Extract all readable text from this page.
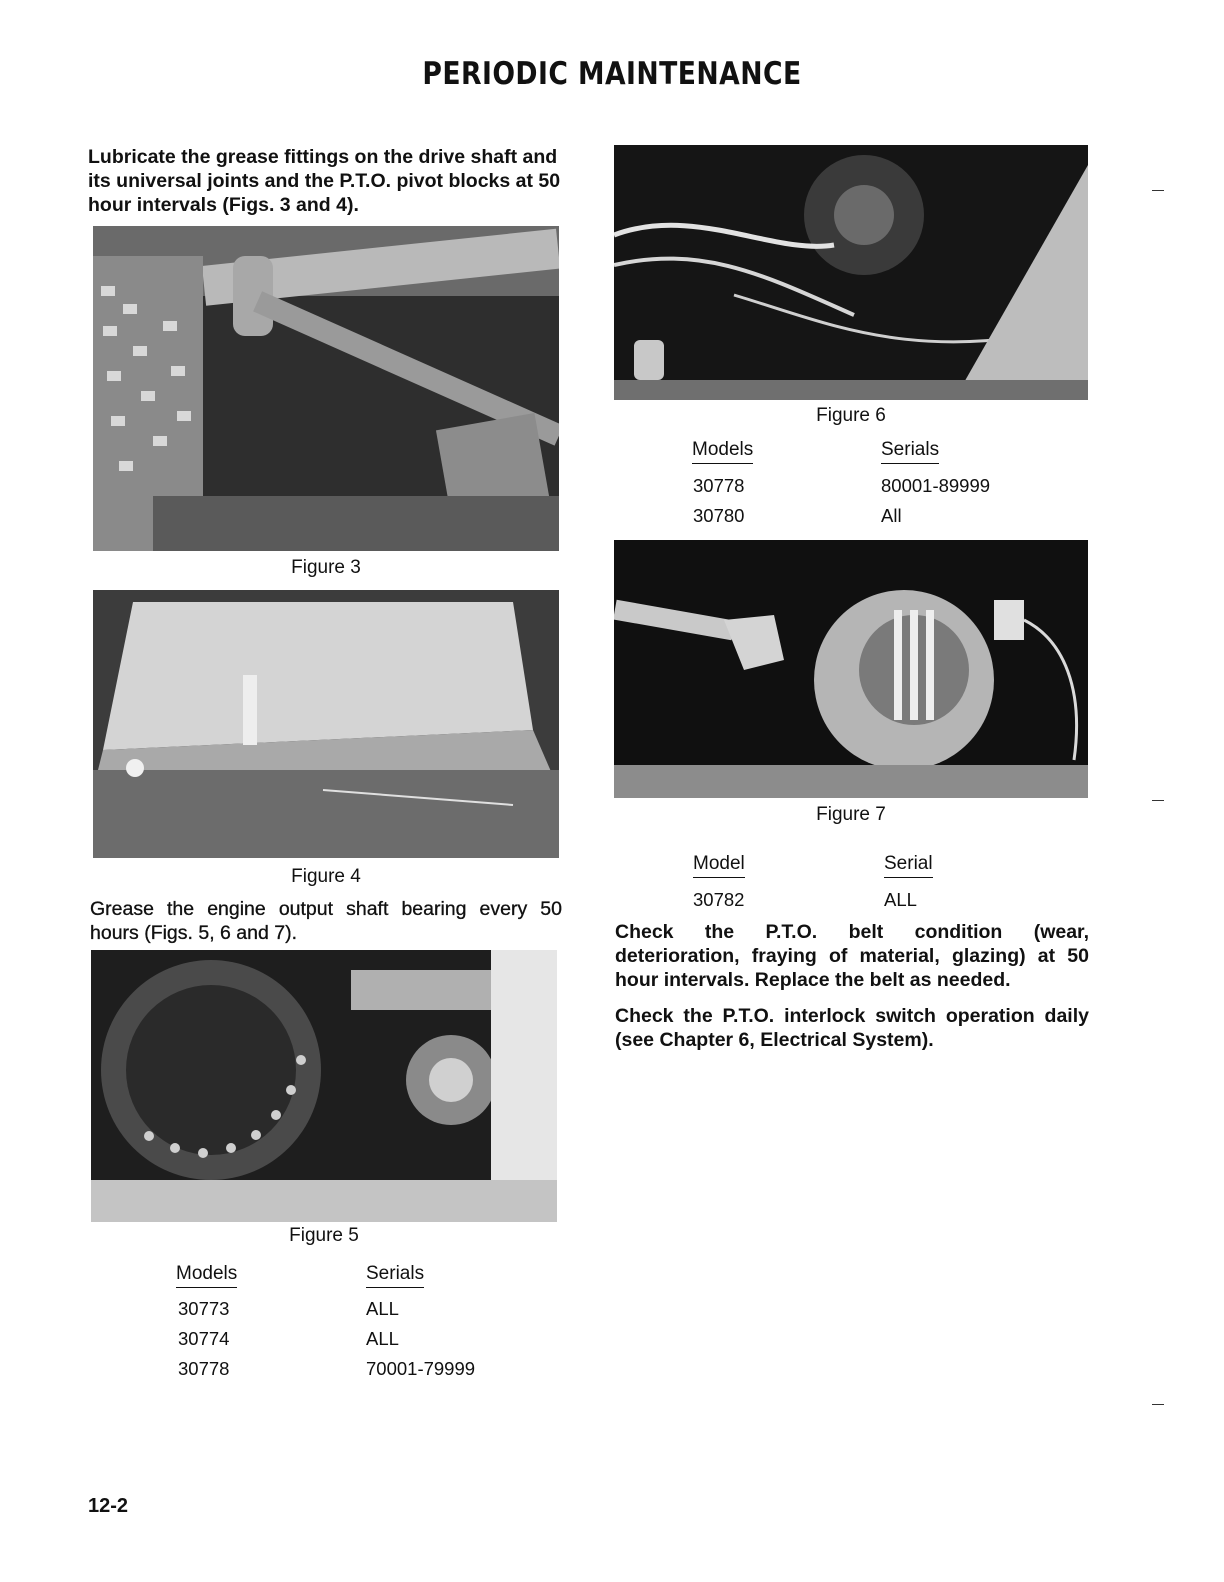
PERIODIC MAINTENANCE
Lubricate the grease fittings on the drive shaft and its universal joints and the P.T.O. pivot blocks at 50 hour intervals (Figs. 3 and 4).
Figure 3
Figure 4
Grease the engine output shaft bearing every 50 hours (Figs. 5, 6 and 7).
Figure 5
Models	Serials
30773	ALL
30774	ALL
30778	70001-79999
Figure 6
Models	Serials
30778	80001-89999
30780	All
Figure 7
Model	Serial
30782	ALL
Check the P.T.O. belt condition (wear, deterioration, fraying of material, glazing) at 50 hour intervals. Replace the belt as needed.
Check the P.T.O. interlock switch operation daily (see Chapter 6, Electrical System).
12-2
